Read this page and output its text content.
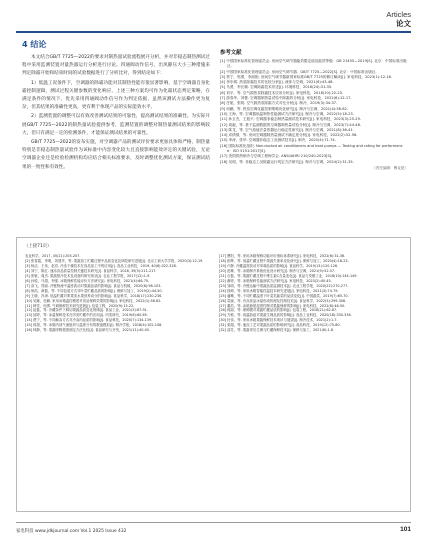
Articles
论文
4 结论

本文结合GB/T 7725—2022的要求对制热量试验流程展开分析，并对非稳态制热测试过程中采用监测装置对量热器运行分析进行讨论。四通阀动作信号、出风静压大小三种措施来判定除霜开始和结束时间的试验数据进行了分析比对，得到结论如下：

1）低温工况条件下，空调器的除霜功能对其制热性能有很显著影响，基于空调器自身化霜控制逻辑，测试过程关键参数的变化响应，上述三种方案均可作为化霜状态判定策略，在满足条件的情况下，优先采用四通阀动作信号作为判定依据，虽然该测试方法操作更为复杂，但其结果的准确性更高，更有利于体现产品的实际能效水平。

2）监测装置的调整可以有效改善测试结果的可靠性，提高测试结果的准确性。为实际开展GB/T 7725—2022的制热量试验提供参考，监测装置的调整对制热量测试结果的影响较大，但只有满足一定的检测条件，才能保证测试结果的可靠性。

GB/T 7725—2022的发布实施，对空调器产品的测试评价要求更加具体和严格，制热量特别是非稳态制热量试验作为该标准中内容变化较大且直接影响能效评定的关键试验，无论空调器企业还是检验检测机构均应结合相关标准要求，及时调整优化测试方案，保证测试结果的一致性和有效性。

参考文献
[1] 中国国家标准化管理委员会. 房间空气调节器能效限定值及能效等级：GB 21455—2019[S]. 北京：中国标准出版社.
[2] 中国国家标准化管理委员会. 房间空气调节器：GB/T 7725—2022[S]. 北京：中国标准出版社.
[3] 蔡宁，郭勇，李丽艳. 房间空气调节器新国家标准GB/T 7725的修订解读[J]. 家电科技，2023(1):12-16.
[4] 李东城. 热泵除霜技术的比较分析[J]. 流体与空调，2021(6):43-48.
[5] 马勇，李长顺. 空调除霜技术综述[J]. 环境科技，2016(24):31-35.
[6] 刘平，等. 空气源热泵除霜技术应用分析[J]. 家电科技，2018(10):22-23.
[7] 游春华，刘蕾. 空调器制热量试验中除霜的分析[J]. 家电科技，2022(6):12-17.
[8] 任航，张明. 空气源热泵除霜方式对比分析[J]. 制冷，2019(3):34-37.
[9] 何鹏，等. 热泵空调化霜控制策略优化研究[J]. 制冷与空调，2021(4):58-62.
[10] 王海，等. 空调器低温制热性能测试方法研究[J]. 制冷与空调，2022(5):18-23.
[11] 孙玉杰，王振兴. 空调器非稳态制热量测试技术研究[J]. 家电科技，2023(3):25-29.
[12] 周毅，等. 基于监测数据的空调器制热量试验分析[J]. 制冷与空调，2023(7):44-48.
[13] 陈龙，等. 空气焓值法量热器运行稳定性研究[J]. 制冷与空调，2021(8):36-41.
[14] 邓倩倩，等. 房间空调器制热量测试不确定度分析[J]. 家电科技，2022(2):52-56.
[15] 李涛，张华. 空调器非稳态工况测试技术[J]. 制冷，2020(4):71-74.
[16] 国际标准化组织. Non-ducted air conditioners and heat pumps — Testing and rating for performance：ISO 5151:2017[S].
[17] 美国供热制冷与空调工程师学会. ANSI/AHRI 210/240-2023[S].
[18] 吴明，等. 非稳态工况除霜运行判定方法研究[J]. 制冷与空调，2024(2):31-35.
（责任编辑：傅克宽）
（上接71页）
农业科学，2017, 45(21):205-207.
[2] 张春霞，李明，刘建华，等. 果蔬加工贮藏过程中品质变化及调控研究进展[J]. 北京工商大学学报，2020(3):12-19.
[3] 杨洁，王伟，赵亮. 冷冻干燥技术在食品加工中的应用[J]. 食品工业科技，2019, 40(8):322-328.
[4] 刘宁，陈红. 速冻食品质量控制关键技术研究[J]. 食品科学，2018, 39(5):211-217.
[5] 张敏，周杰. 果蔬预冷技术及设备的研究现状[J]. 农业工程学报，2017(12):1-9.
[6] 孙悦，马超，李强. 冰箱保鲜性能评价方法研究[J]. 家电科技，2021(4):66-70.
[7] 高飞，郑丽. 冷链物流中温度波动对果蔬品质的影响[J]. 食品与机械，2020(6):98-103.
[8] 徐浩，黄磊，等. 不同包装方式对叶菜贮藏品质的影响[J]. 保鲜与加工，2019(2):44-50.
[9] 王晓，冯涛. 低温贮藏对浆果类水果营养成分的影响[J]. 食品科学，2018(17):230-236.
[10] 吴娜，杜鹏. 家用冰箱温控精度对食品保鲜效果的影响[J]. 家电科技，2022(1):58-62.
[11] 韩雪，何勇. 气调保鲜技术研究进展[J]. 包装工程，2020(9):15-22.
[12] 赵磊，等. 冷藏条件下鲜切果蔬品质变化规律[J]. 食品工业，2021(5):87-91.
[13] 邱婷，等. 冰温保鲜技术在肉类贮藏中的应用[J]. 肉类研究，2019(6):60-65.
[14] 贾宁，等. 不同解冻方式对冷冻肉品质的影响[J]. 食品科技，2020(7):134-139.
[15] 蒋超，等. 冰箱内部气流组织与温度分布的数值模拟[J]. 制冷学报，2018(4):102-108.
[16] 林静，等. 果蔬呼吸强度测定方法比较[J]. 食品研究与开发，2021(11):40-45.
[17] 曹阳，等. 家用冰箱保鲜功能评价指标体系研究[J]. 家电科技，2022(6):31-36.
[18] 彭辉，等. 低温贮藏过程中果蔬失重率变化研究[J]. 保鲜与加工，2020(4):18-23.
[19] 卢静. 冷藏温度波动对草莓品质的影响[J]. 食品科学，2019(13):120-126.
[20] 范琳，等. 冰箱制冷系统优化设计研究[J]. 制冷与空调，2021(9):52-57.
[21] 石磊，等. 果蔬贮藏过程中维生素C含量变化[J]. 食品与发酵工业，2018(10):144-149.
[22] 谢婷，等. 冰箱保鲜性能测试方法研究[J]. 家电科技，2023(2):40-45.
[23] 邹明，等. 冷链运输中果蔬品质监测技术[J]. 农业工程学报，2020(22):270-277.
[24] 钱坤，等. 家用冰箱智能控温技术研究进展[J]. 家电科技，2021(3):74-79.
[25] 潘琳，等. 不同贮藏温度下叶菜类蔬菜的品质变化[J]. 中国蔬菜，2019(7):65-70.
[26] 袁晓，等. 冷冻食品冰晶形成机理及控制技术[J]. 食品科学，2022(5):299-306.
[27] 董浩，等. 冰箱抽屉湿度控制对果蔬保鲜的影响[J]. 家电科技，2022(8):46-50.
[28] 蒋丽，等. 保鲜膜对果蔬贮藏品质的影响[J]. 包装工程，2018(21):62-67.
[29] 方敏，等. 低温胁迫对果蔬生理品质的影响[J]. 食品工业科技，2020(18):330-336.
[30] 杜伟，等. 家用冰箱果蔬保鲜技术现状与展望[J]. 制冷技术，2021(2):1-7.
[31] 梁超，等. 速冻工艺对果蔬品质的影响研究[J]. 食品科技，2019(12):75-80.
[32] 邵芳，等. 果蔬采后生理与贮藏保鲜技术[J]. 保鲜与加工，2021(6):1-8.
家电科技 www.jdkjournal.com Vol.1 2025 Issue 432	101
